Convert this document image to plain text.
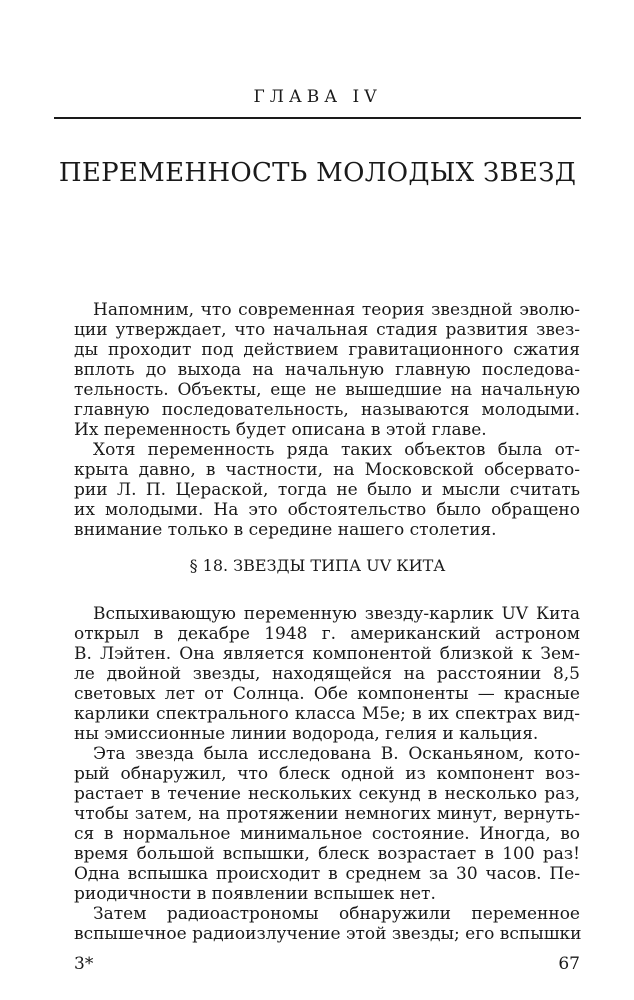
ГЛАВА IV
ПЕРЕМЕННОСТЬ МОЛОДЫХ ЗВЕЗД
Напомним, что современная теория звездной эволю-
ции утверждает, что начальная стадия развития звез-
ды проходит под действием гравитационного сжатия
вплоть до выхода на начальную главную последова-
тельность. Объекты, еще не вышедшие на начальную
главную последовательность, называются молодыми.
Их переменность будет описана в этой главе.
Хотя переменность ряда таких объектов была от-
крыта давно, в частности, на Московской обсервато-
рии Л. П. Цераской, тогда не было и мысли считать
их молодыми. На это обстоятельство было обращено
внимание только в середине нашего столетия.
§ 18. ЗВЕЗДЫ ТИПА UV КИТА
Вспыхивающую переменную звезду-карлик UV Кита
открыл в декабре 1948 г. американский астроном
В. Лэйтен. Она является компонентой близкой к Зем-
ле двойной звезды, находящейся на расстоянии 8,5
световых лет от Солнца. Обе компоненты — красные
карлики спектрального класса M5e; в их спектрах вид-
ны эмиссионные линии водорода, гелия и кальция.
Эта звезда была исследована В. Осканьяном, кото-
рый обнаружил, что блеск одной из компонент воз-
растает в течение нескольких секунд в несколько раз,
чтобы затем, на протяжении немногих минут, вернуть-
ся в нормальное минимальное состояние. Иногда, во
время большой вспышки, блеск возрастает в 100 раз!
Одна вспышка происходит в среднем за 30 часов. Пе-
риодичности в появлении вспышек нет.
Затем радиоастрономы обнаружили переменное
вспышечное радиоизлучение этой звезды; его вспышки
3*	67
